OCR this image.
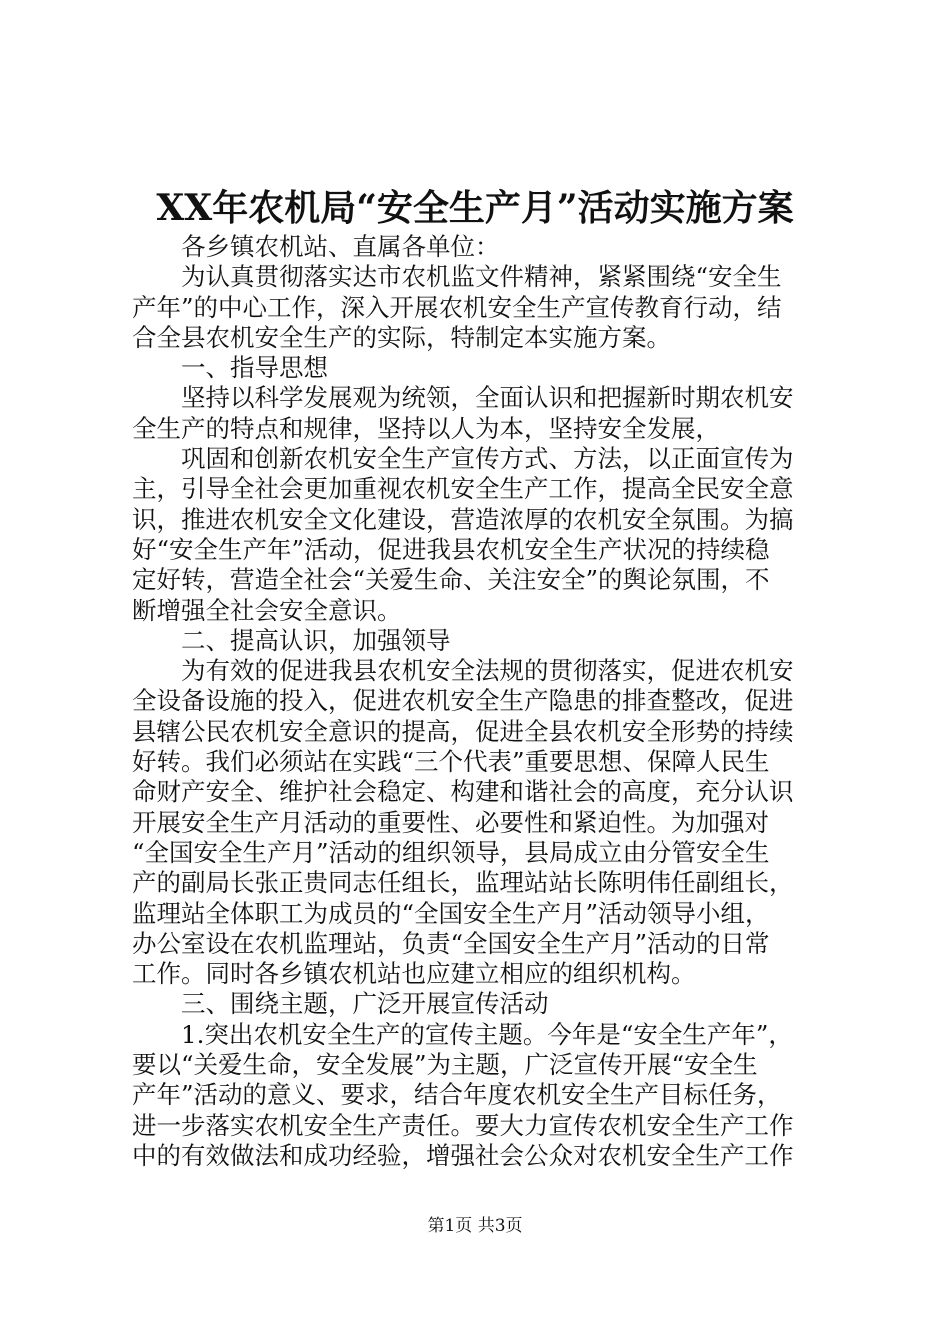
XX年农机局“安全生产月”活动实施方案
各乡镇农机站、直属各单位：
为认真贯彻落实达市农机监文件精神，紧紧围绕“安全生
产年”的中心工作，深入开展农机安全生产宣传教育行动，结
合全县农机安全生产的实际，特制定本实施方案。
一、指导思想
坚持以科学发展观为统领，全面认识和把握新时期农机安
全生产的特点和规律，坚持以人为本，坚持安全发展，
巩固和创新农机安全生产宣传方式、方法，以正面宣传为
主，引导全社会更加重视农机安全生产工作，提高全民安全意
识，推进农机安全文化建设，营造浓厚的农机安全氛围。为搞
好“安全生产年”活动，促进我县农机安全生产状况的持续稳
定好转，营造全社会“关爱生命、关注安全”的舆论氛围，不
断增强全社会安全意识。
二、提高认识，加强领导
为有效的促进我县农机安全法规的贯彻落实，促进农机安
全设备设施的投入，促进农机安全生产隐患的排查整改，促进
县辖公民农机安全意识的提高，促进全县农机安全形势的持续
好转。我们必须站在实践“三个代表”重要思想、保障人民生
命财产安全、维护社会稳定、构建和谐社会的高度，充分认识
开展安全生产月活动的重要性、必要性和紧迫性。为加强对
“全国安全生产月”活动的组织领导，县局成立由分管安全生
产的副局长张正贵同志任组长，监理站站长陈明伟任副组长，
监理站全体职工为成员的“全国安全生产月”活动领导小组，
办公室设在农机监理站，负责“全国安全生产月”活动的日常
工作。同时各乡镇农机站也应建立相应的组织机构。
三、围绕主题，广泛开展宣传活动
1.突出农机安全生产的宣传主题。今年是“安全生产年”，
要以“关爱生命，安全发展”为主题，广泛宣传开展“安全生
产年”活动的意义、要求，结合年度农机安全生产目标任务，
进一步落实农机安全生产责任。要大力宣传农机安全生产工作
中的有效做法和成功经验，增强社会公众对农机安全生产工作
第1页 共3页
